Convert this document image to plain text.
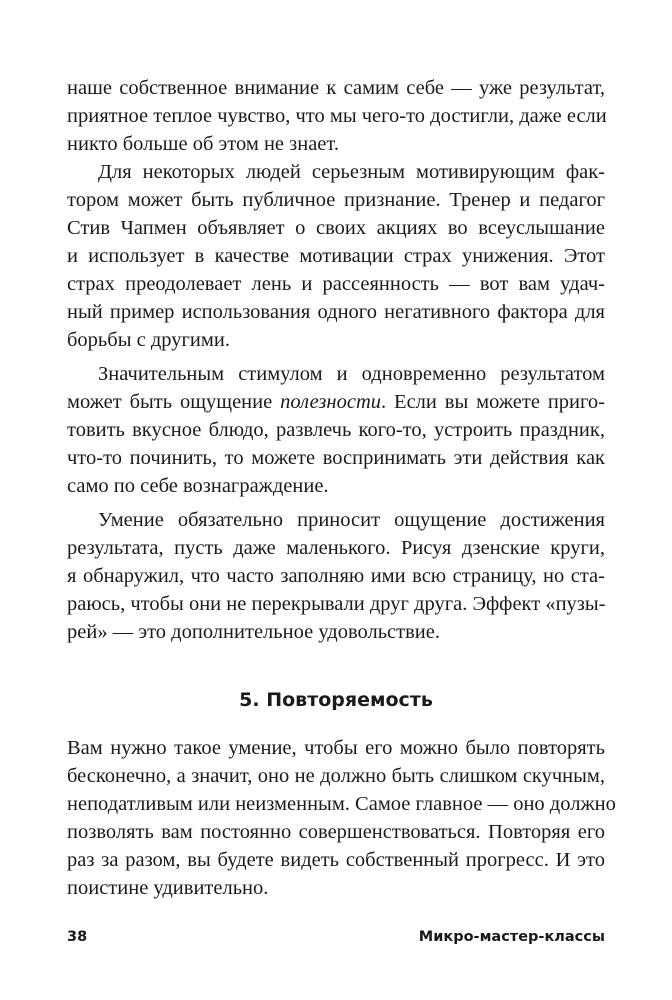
наше собственное внимание к самим себе — уже результат,
приятное теплое чувство, что мы чего-то достигли, даже если
никто больше об этом не знает.
Для некоторых людей серьезным мотивирующим фак-
тором может быть публичное признание. Тренер и педагог
Стив Чапмен объявляет о своих акциях во всеуслышание
и использует в качестве мотивации страх унижения. Этот
страх преодолевает лень и рассеянность — вот вам удач-
ный пример использования одного негативного фактора для
борьбы с другими.
Значительным стимулом и одновременно результатом
может быть ощущение полезности. Если вы можете приго-
товить вкусное блюдо, развлечь кого-то, устроить праздник,
что-то починить, то можете воспринимать эти действия как
само по себе вознаграждение.
Умение обязательно приносит ощущение достижения
результата, пусть даже маленького. Рисуя дзенские круги,
я обнаружил, что часто заполняю ими всю страницу, но ста-
раюсь, чтобы они не перекрывали друг друга. Эффект «пузы-
рей» — это дополнительное удовольствие.
5. Повторяемость
Вам нужно такое умение, чтобы его можно было повторять
бесконечно, а значит, оно не должно быть слишком скучным,
неподатливым или неизменным. Самое главное — оно должно
позволять вам постоянно совершенствоваться. Повторяя его
раз за разом, вы будете видеть собственный прогресс. И это
поистине удивительно.
38	Микро-мастер-классы
